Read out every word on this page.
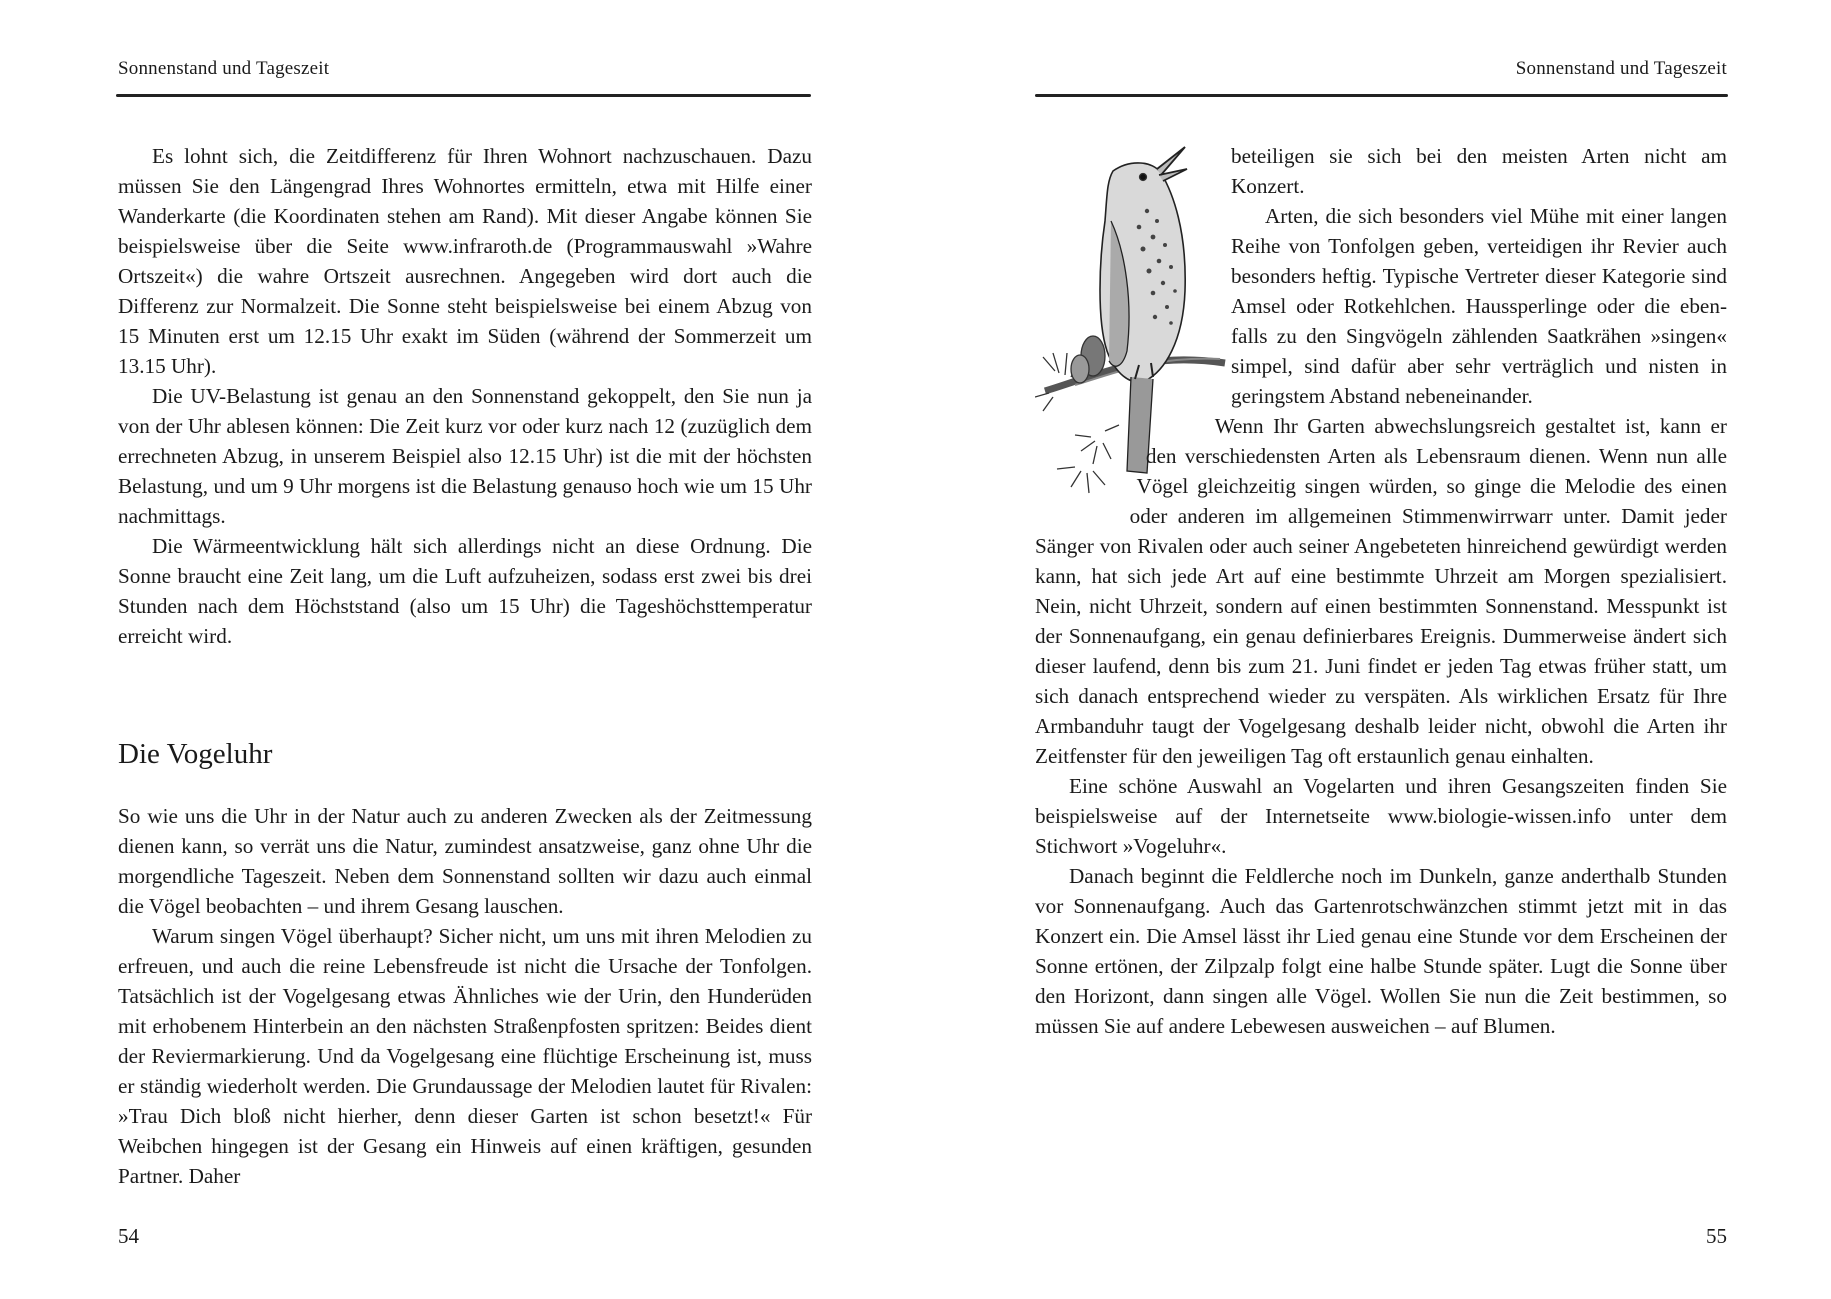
Sonnenstand und Tageszeit

Es lohnt sich, die Zeitdifferenz für Ihren Wohnort nachzuschauen. Dazu müssen Sie den Längengrad Ihres Wohnortes ermitteln, etwa mit Hilfe einer Wanderkarte (die Koordinaten stehen am Rand). Mit dieser Angabe können Sie beispielsweise über die Seite www.infraroth.de (Programmauswahl »Wahre Ortszeit«) die wahre Ortszeit ausrechnen. Angegeben wird dort auch die Differenz zur Normalzeit. Die Sonne steht beispielsweise bei einem Abzug von 15 Minuten erst um 12.15 Uhr exakt im Süden (während der Sommerzeit um 13.15 Uhr).

Die UV-Belastung ist genau an den Sonnenstand gekoppelt, den Sie nun ja von der Uhr ablesen können: Die Zeit kurz vor oder kurz nach 12 (zuzüglich dem errechneten Abzug, in unserem Beispiel also 12.15 Uhr) ist die mit der höchsten Belastung, und um 9 Uhr morgens ist die Belastung genauso hoch wie um 15 Uhr nachmittags.

Die Wärmeentwicklung hält sich allerdings nicht an diese Ordnung. Die Sonne braucht eine Zeit lang, um die Luft aufzuheizen, sodass erst zwei bis drei Stunden nach dem Höchststand (also um 15 Uhr) die Tageshöchsttemperatur erreicht wird.

Die Vogeluhr

So wie uns die Uhr in der Natur auch zu anderen Zwecken als der Zeitmessung dienen kann, so verrät uns die Natur, zumindest ansatzweise, ganz ohne Uhr die morgendliche Tageszeit. Neben dem Sonnenstand sollten wir dazu auch einmal die Vögel beobachten – und ihrem Gesang lauschen.

Warum singen Vögel überhaupt? Sicher nicht, um uns mit ihren Melodien zu erfreuen, und auch die reine Lebensfreude ist nicht die Ursache der Tonfolgen. Tatsächlich ist der Vogelgesang etwas Ähnliches wie der Urin, den Hunderüden mit erhobenem Hinterbein an den nächsten Straßenpfosten spritzen: Beides dient der Reviermarkierung. Und da Vogelgesang eine flüchtige Erscheinung ist, muss er ständig wiederholt werden. Die Grundaussage der Melodien lautet für Rivalen: »Trau Dich bloß nicht hierher, denn dieser Garten ist schon besetzt!« Für Weibchen hingegen ist der Gesang ein Hinweis auf einen kräftigen, gesunden Partner. Daher

54
Sonnenstand und Tageszeit

beteiligen sie sich bei den meisten Arten nicht am Konzert.

Arten, die sich besonders viel Mühe mit einer langen Reihe von Tonfolgen geben, verteidigen ihr Revier auch besonders heftig. Typische Vertreter dieser Kategorie sind Amsel oder Rotkehlchen. Haussperlinge oder die ebenfalls zu den Singvögeln zählenden Saatkrähen »singen« simpel, sind dafür aber sehr verträglich und nisten in geringstem Abstand nebeneinander.

Wenn Ihr Garten abwechslungsreich gestaltet ist, kann er den verschiedensten Arten als Lebensraum dienen. Wenn nun alle Vögel gleichzeitig singen würden, so ginge die Melodie des einen oder anderen im allgemeinen Stimmenwirrwarr unter. Damit jeder Sänger von Rivalen oder auch seiner Angebeteten hinreichend gewürdigt werden kann, hat sich jede Art auf eine bestimmte Uhrzeit am Morgen spezialisiert. Nein, nicht Uhrzeit, sondern auf einen bestimmten Sonnenstand. Messpunkt ist der Sonnenaufgang, ein genau definierbares Ereignis. Dummerweise ändert sich dieser laufend, denn bis zum 21. Juni findet er jeden Tag etwas früher statt, um sich danach entsprechend wieder zu verspäten. Als wirklichen Ersatz für Ihre Armbanduhr taugt der Vogelgesang deshalb leider nicht, obwohl die Arten ihr Zeitfenster für den jeweiligen Tag oft erstaunlich genau einhalten.

Eine schöne Auswahl an Vogelarten und ihren Gesangszeiten finden Sie beispielsweise auf der Internetseite www.biologie-wissen.info unter dem Stichwort »Vogeluhr«.

Danach beginnt die Feldlerche noch im Dunkeln, ganze anderthalb Stunden vor Sonnenaufgang. Auch das Gartenrotschwänzchen stimmt jetzt mit in das Konzert ein. Die Amsel lässt ihr Lied genau eine Stunde vor dem Erscheinen der Sonne ertönen, der Zilpzalp folgt eine halbe Stunde später. Lugt die Sonne über den Horizont, dann singen alle Vögel. Wollen Sie nun die Zeit bestimmen, so müssen Sie auf andere Lebewesen ausweichen – auf Blumen.

55
